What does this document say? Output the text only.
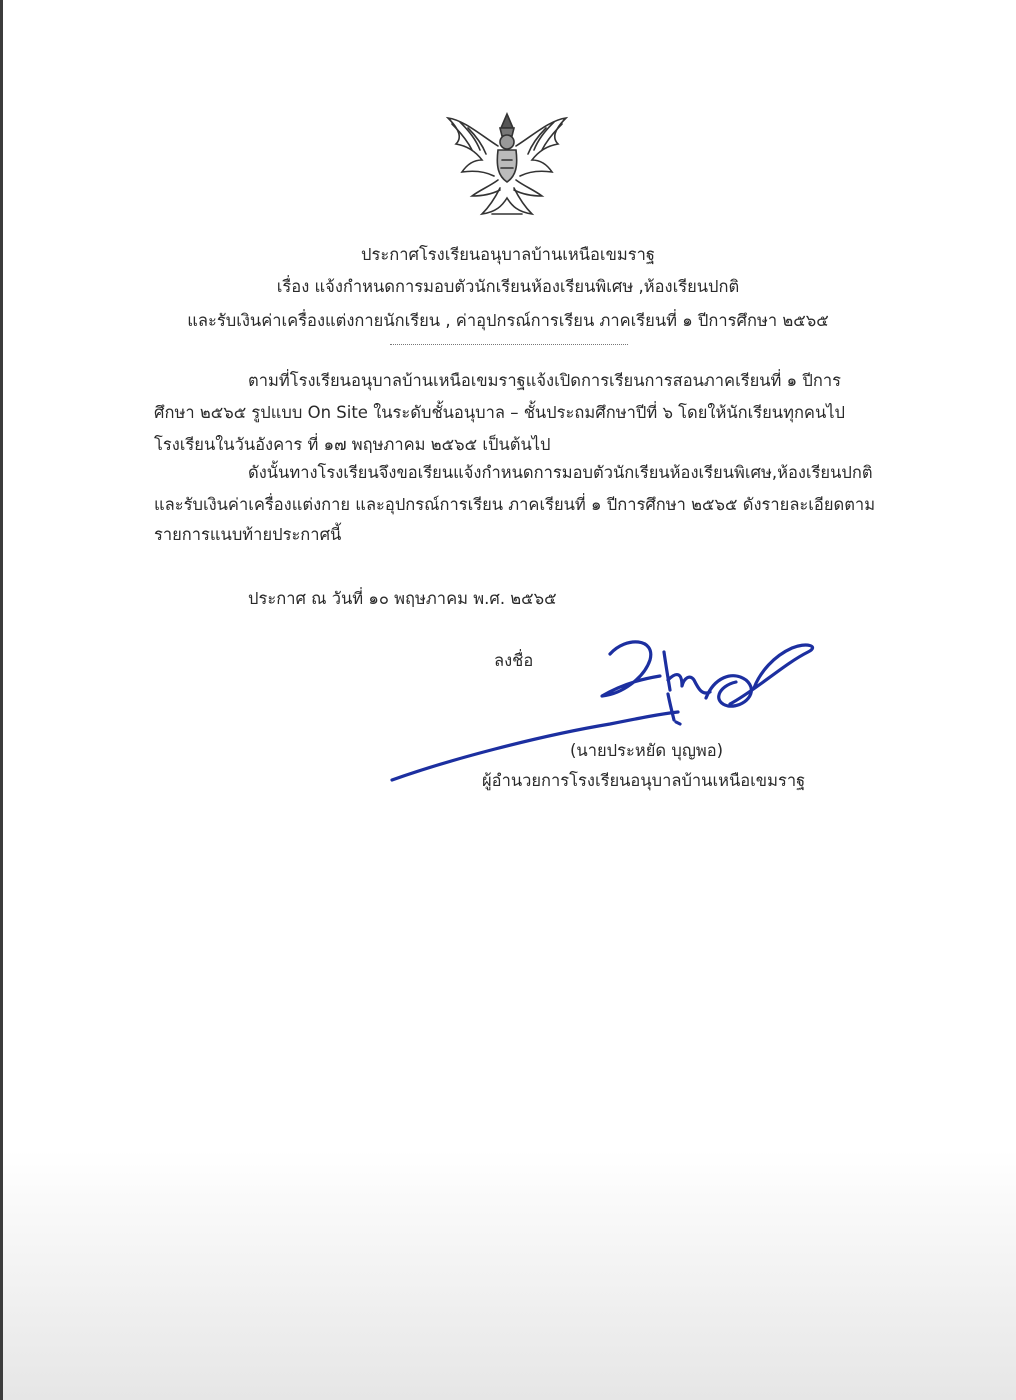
ประกาศโรงเรียนอนุบาลบ้านเหนือเขมราฐ
เรื่อง แจ้งกำหนดการมอบตัวนักเรียนห้องเรียนพิเศษ ,ห้องเรียนปกติ
และรับเงินค่าเครื่องแต่งกายนักเรียน , ค่าอุปกรณ์การเรียน ภาคเรียนที่ ๑ ปีการศึกษา ๒๕๖๕
ตามที่โรงเรียนอนุบาลบ้านเหนือเขมราฐแจ้งเปิดการเรียนการสอนภาคเรียนที่ ๑ ปีการ
ศึกษา ๒๕๖๕ รูปแบบ On Site ในระดับชั้นอนุบาล – ชั้นประถมศึกษาปีที่ ๖ โดยให้นักเรียนทุกคนไป
โรงเรียนในวันอังคาร ที่ ๑๗ พฤษภาคม ๒๕๖๕ เป็นต้นไป
ดังนั้นทางโรงเรียนจึงขอเรียนแจ้งกำหนดการมอบตัวนักเรียนห้องเรียนพิเศษ,ห้องเรียนปกติ
และรับเงินค่าเครื่องแต่งกาย และอุปกรณ์การเรียน ภาคเรียนที่ ๑ ปีการศึกษา ๒๕๖๕ ดังรายละเอียดตาม
รายการแนบท้ายประกาศนี้
ประกาศ ณ วันที่ ๑๐ พฤษภาคม พ.ศ. ๒๕๖๕
ลงชื่อ
(นายประหยัด บุญพอ)
ผู้อำนวยการโรงเรียนอนุบาลบ้านเหนือเขมราฐ
